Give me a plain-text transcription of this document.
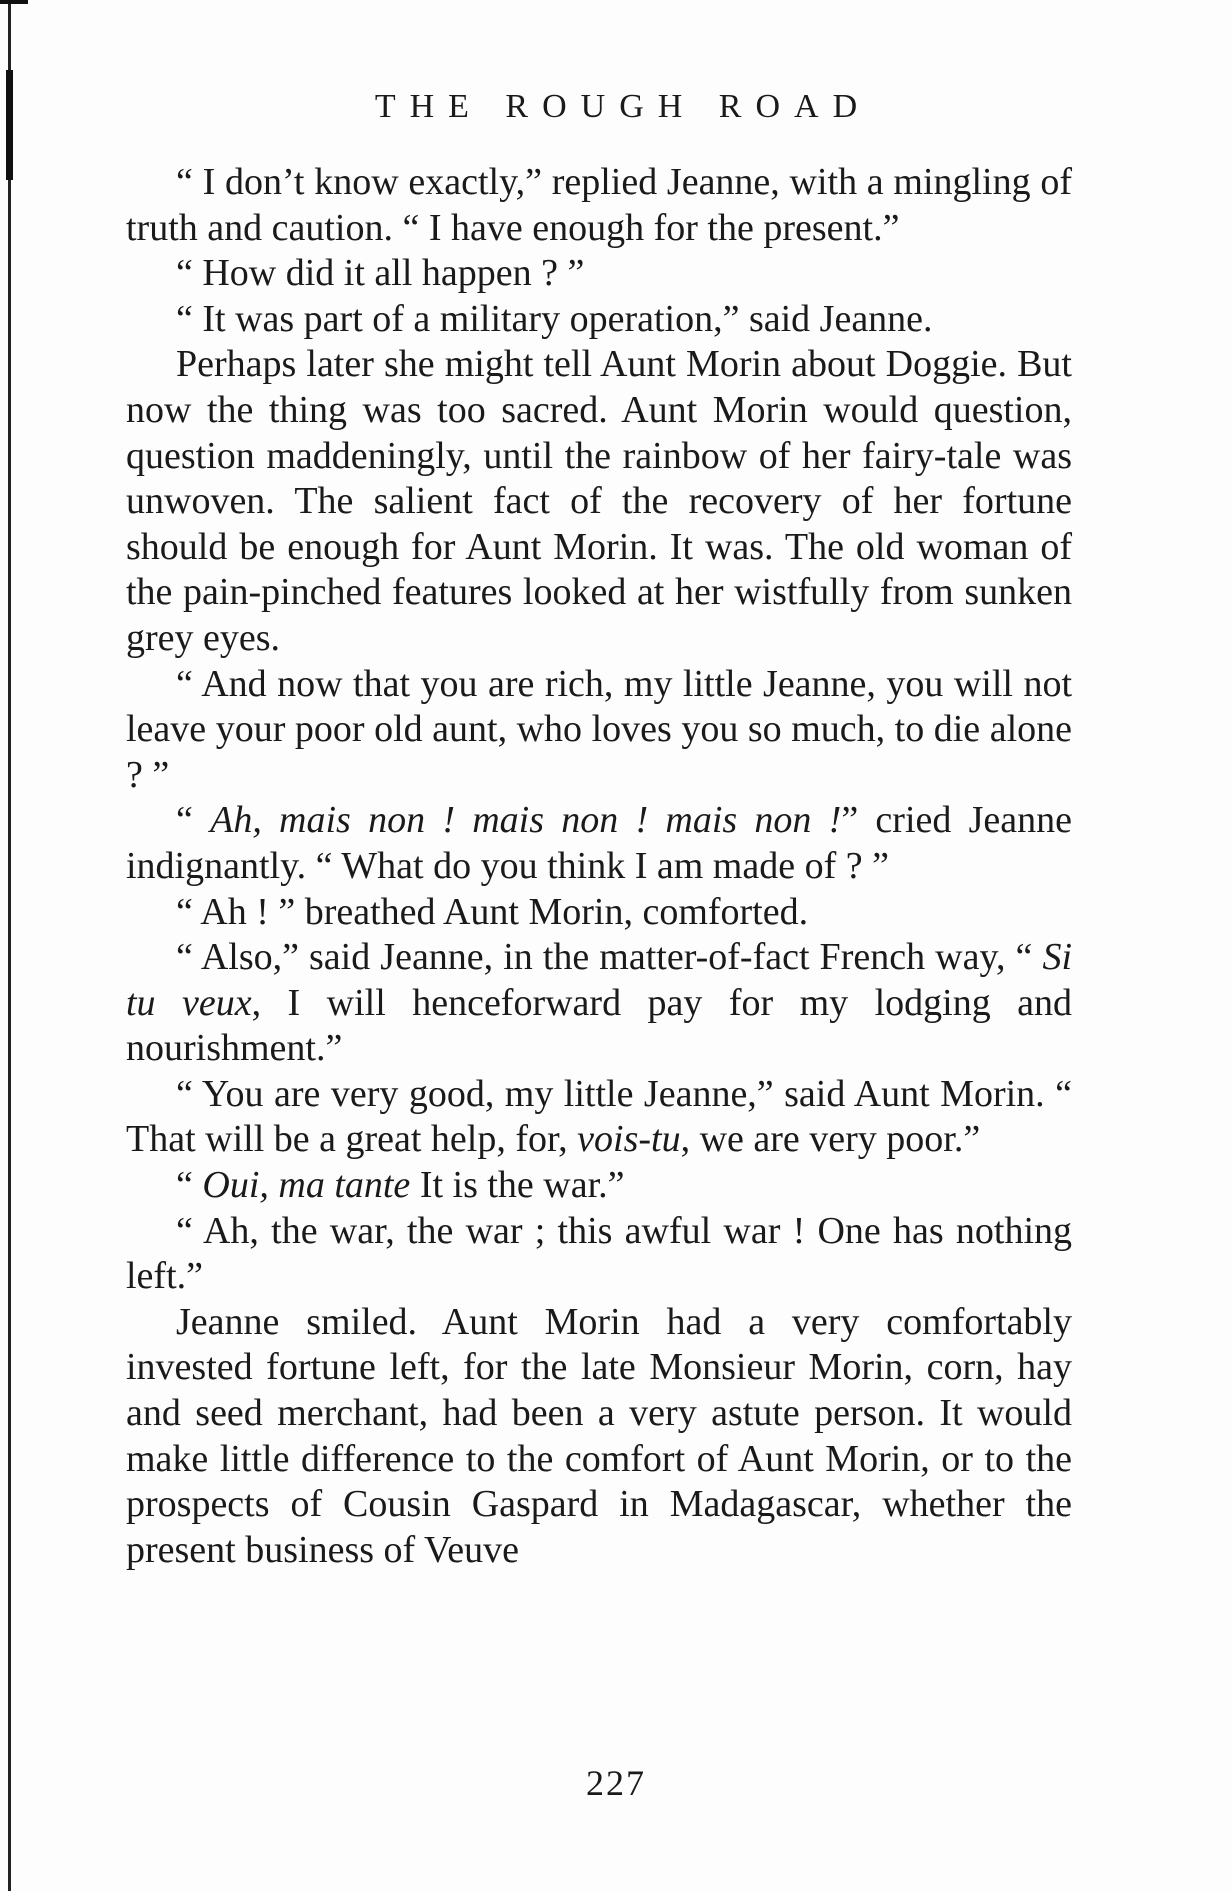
THE ROUGH ROAD

“ I don’t know exactly,” replied Jeanne, with a mingling of truth and caution. “ I have enough for the present.”

“ How did it all happen ? ”

“ It was part of a military operation,” said Jeanne.

Perhaps later she might tell Aunt Morin about Doggie. But now the thing was too sacred. Aunt Morin would question, question maddeningly, until the rainbow of her fairy-tale was unwoven. The salient fact of the recovery of her fortune should be enough for Aunt Morin. It was. The old woman of the pain-pinched features looked at her wistfully from sunken grey eyes.

“ And now that you are rich, my little Jeanne, you will not leave your poor old aunt, who loves you so much, to die alone ? ”

“ Ah, mais non ! mais non ! mais non !” cried Jeanne indignantly. “ What do you think I am made of ? ”

“ Ah ! ” breathed Aunt Morin, comforted.

“ Also,” said Jeanne, in the matter-of-fact French way, “ Si tu veux, I will henceforward pay for my lodging and nourishment.”

“ You are very good, my little Jeanne,” said Aunt Morin. “ That will be a great help, for, vois-tu, we are very poor.”

“ Oui, ma tante It is the war.”

“ Ah, the war, the war ; this awful war ! One has nothing left.”

Jeanne smiled. Aunt Morin had a very comfortably invested fortune left, for the late Monsieur Morin, corn, hay and seed merchant, had been a very astute person. It would make little difference to the comfort of Aunt Morin, or to the prospects of Cousin Gaspard in Madagascar, whether the present business of Veuve

227
